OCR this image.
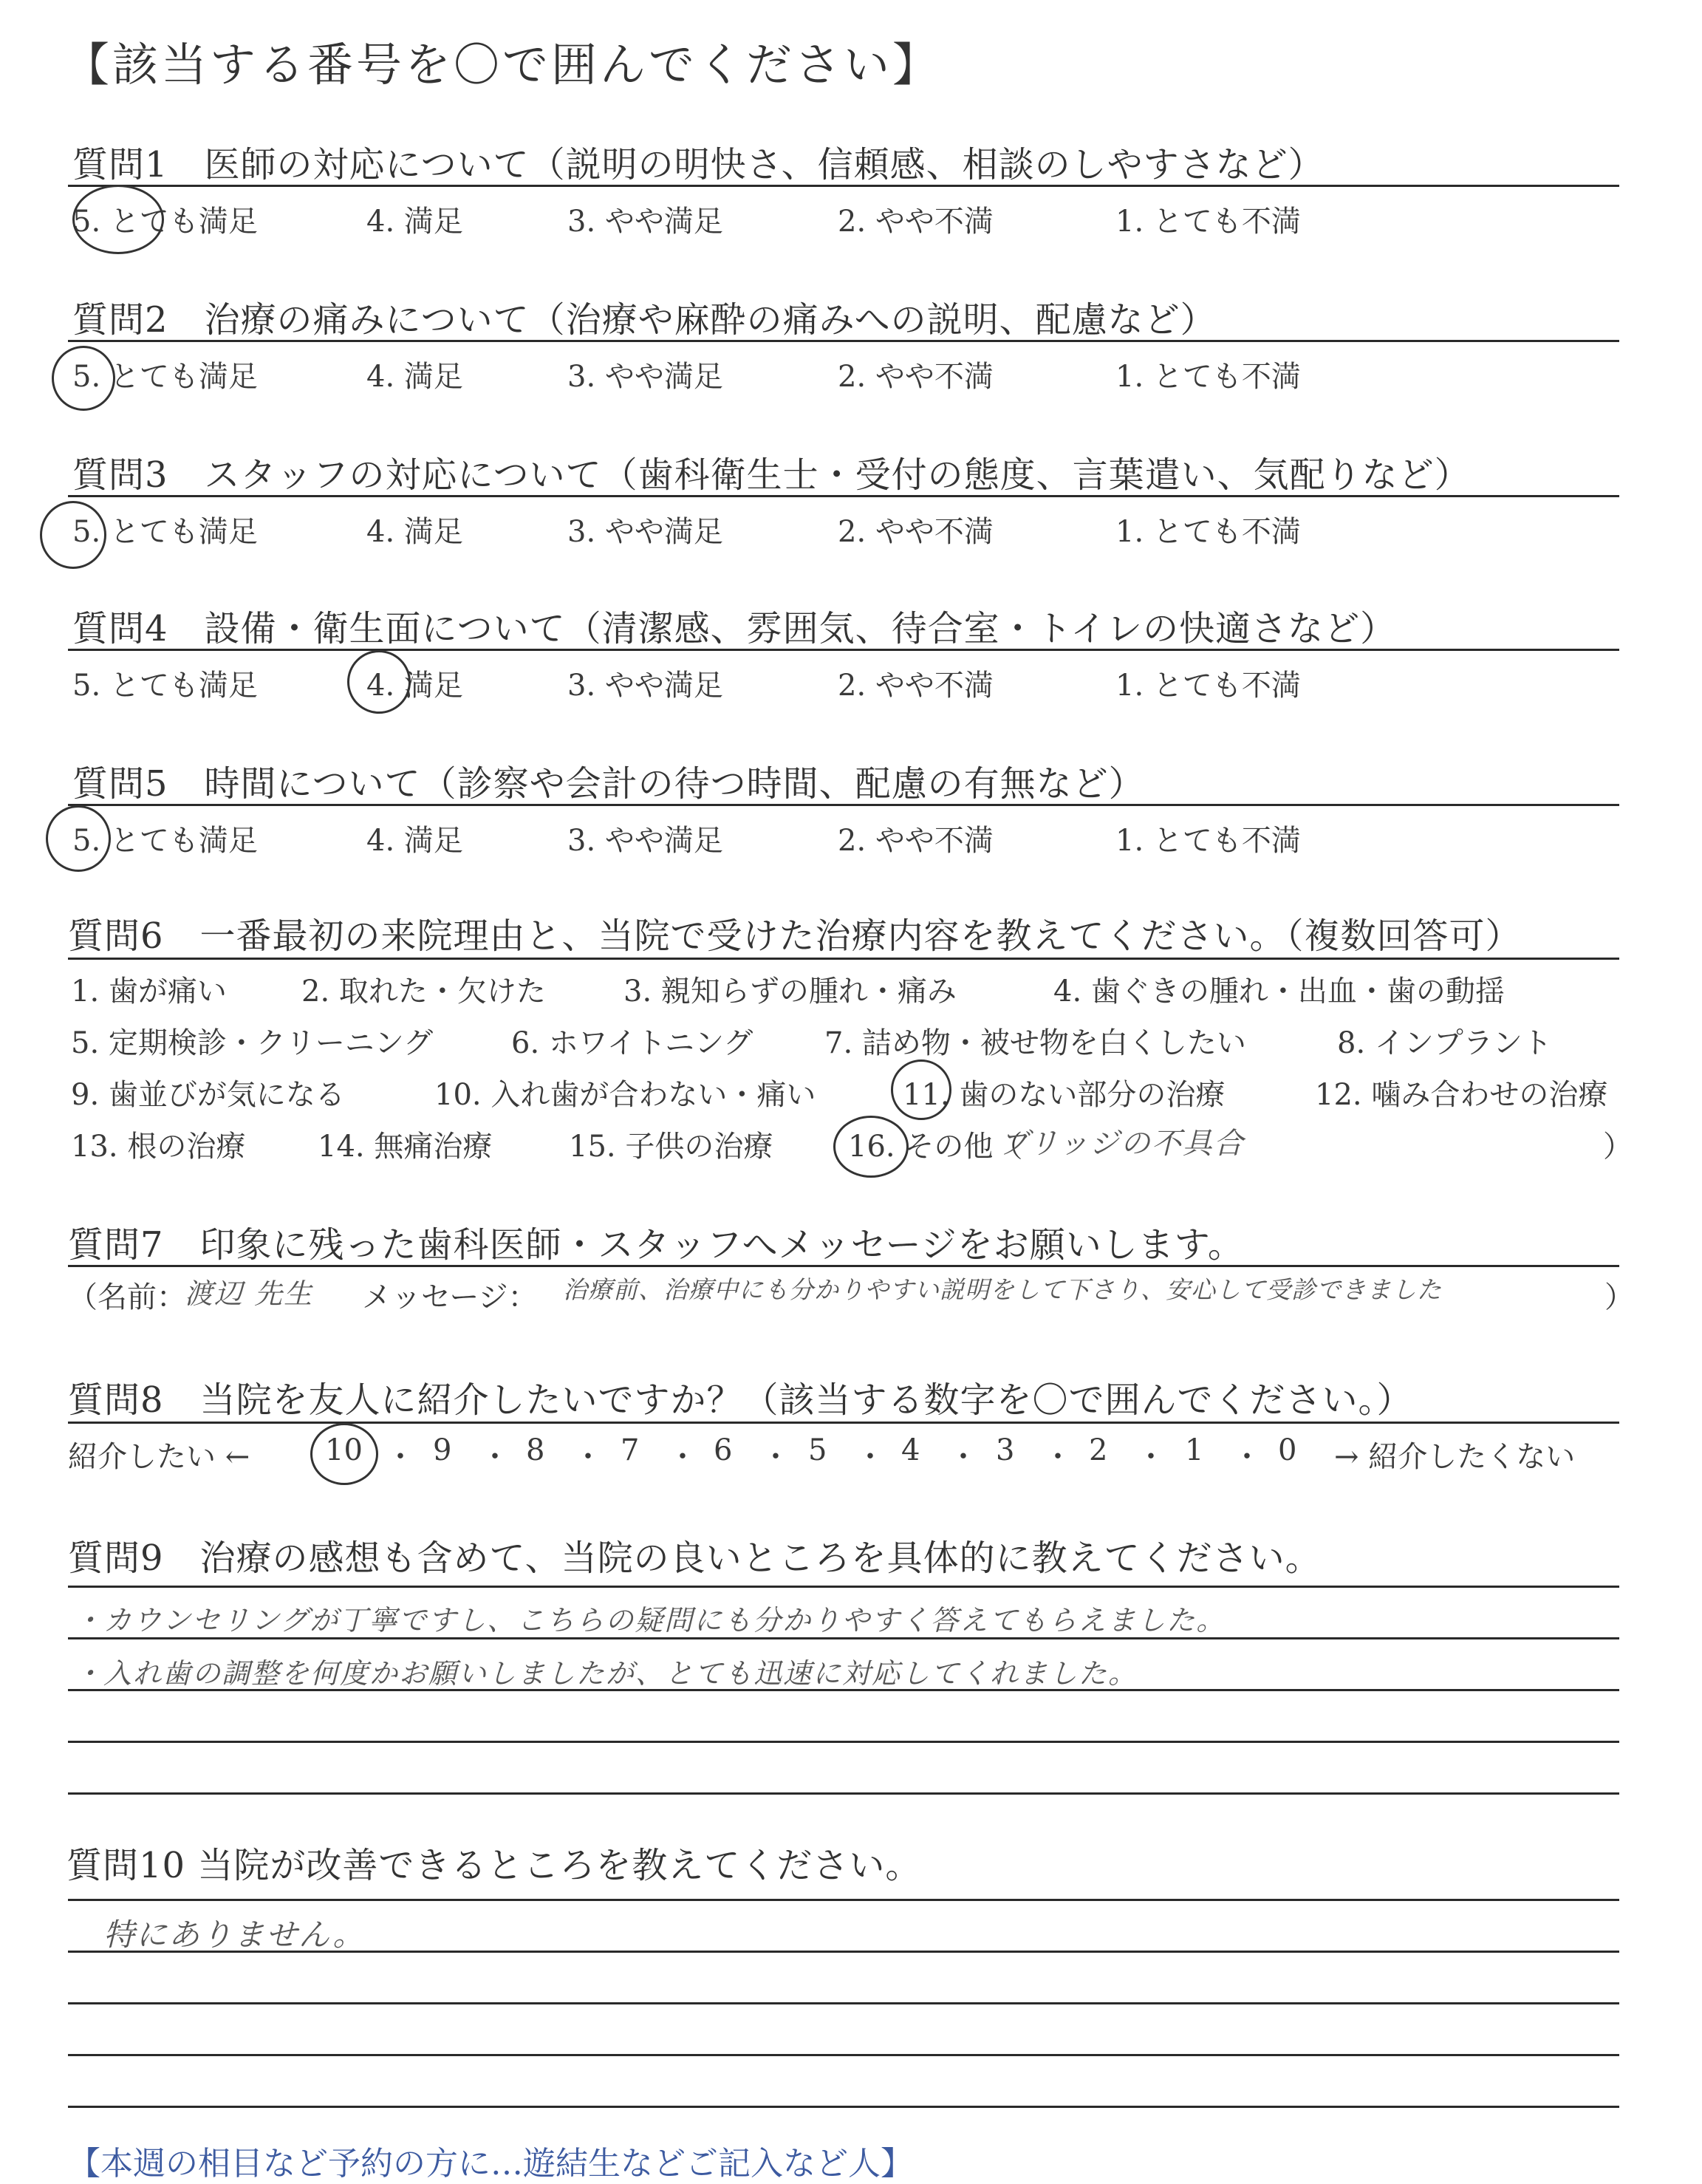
【該当する番号を〇で囲んでください】
質問1　医師の対応について（説明の明快さ、信頼感、相談のしやすさなど）
5. とても満足	4. 満足	3. やや満足	2. やや不満	1. とても不満
質問2　治療の痛みについて（治療や麻酔の痛みへの説明、配慮など）
5. とても満足	4. 満足	3. やや満足	2. やや不満	1. とても不満
質問3　スタッフの対応について（歯科衛生士・受付の態度、言葉遣い、気配りなど）
5. とても満足	4. 満足	3. やや満足	2. やや不満	1. とても不満
質問4　設備・衛生面について（清潔感、雰囲気、待合室・トイレの快適さなど）
5. とても満足	4. 満足	3. やや満足	2. やや不満	1. とても不満
質問5　時間について（診察や会計の待つ時間、配慮の有無など）
5. とても満足	4. 満足	3. やや満足	2. やや不満	1. とても不満
質問6　一番最初の来院理由と、当院で受けた治療内容を教えてください。（複数回答可）
1. 歯が痛い	2. 取れた・欠けた	3. 親知らずの腫れ・痛み	4. 歯ぐきの腫れ・出血・歯の動揺
5. 定期検診・クリーニング	6. ホワイトニング 7. 詰め物・被せ物を白くしたい	8. インプラント
9. 歯並びが気になる	10. 入れ歯が合わない・痛い	11. 歯のない部分の治療	12. 噛み合わせの治療
13. 根の治療 14. 無痛治療	15. 子供の治療	16. その他（
ブリッジの不具合	）
質問7　印象に残った歯科医師・スタッフへメッセージをお願いします。
（名前：
渡辺 先生 メッセージ： 治療前、治療中にも分かりやすい説明をして下さり、安心して受診できました	）
質問8　当院を友人に紹介したいですか？（該当する数字を〇で囲んでください。）
紹介したい ←	→ 紹介したくない
10 ・ 9 ・ 8 ・ 7 ・ 6 ・ 5 ・ 4 ・ 3 ・ 2 ・ 1 ・ 0
質問9　治療の感想も含めて、当院の良いところを具体的に教えてください。
・カウンセリングが丁寧ですし、こちらの疑問にも分かりやすく答えてもらえました。
・入れ歯の調整を何度かお願いしましたが、とても迅速に対応してくれました。
質問10 当院が改善できるところを教えてください。
特にありません。
【本週の相目など予約の方に…遊結生などご記入など人】
